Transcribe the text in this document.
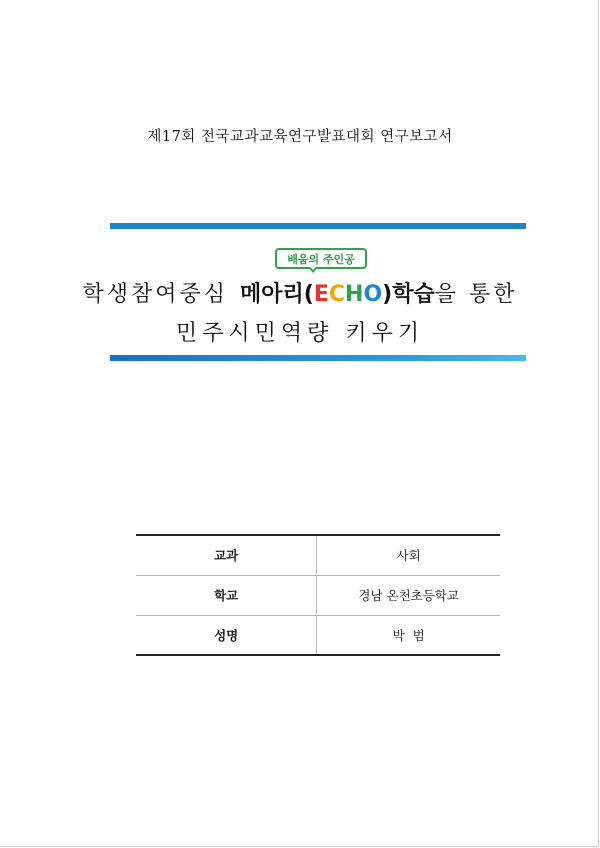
제17회 전국교과교육연구발표대회 연구보고서
배움의 주인공
학생참여중심 메아리(ECHO)학습을 통한
민주시민역량 키우기
교과	사회
학교	경남 온천초등학교
성명	박  범
